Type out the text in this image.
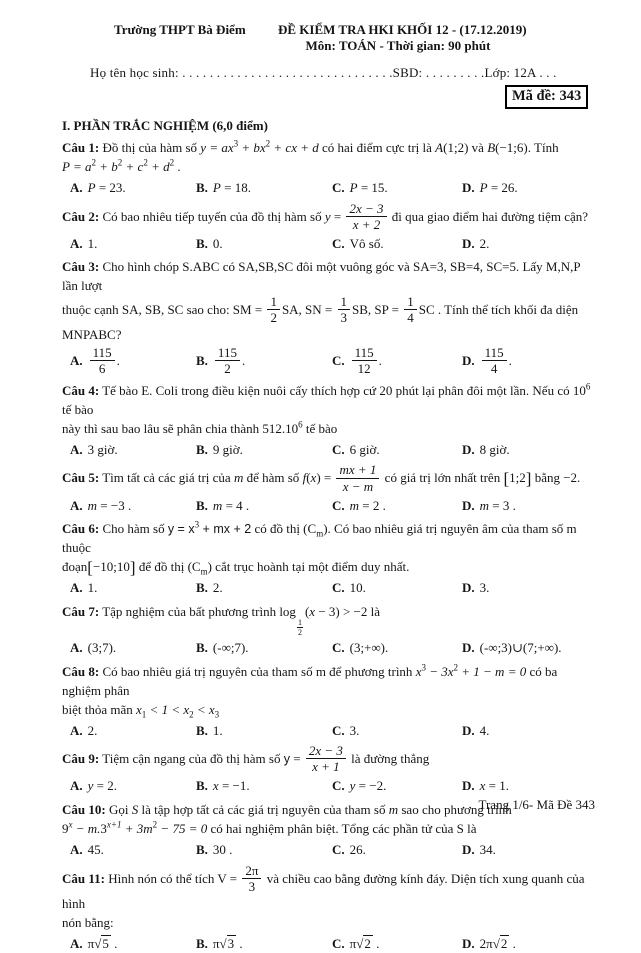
Trường THPT Bà Điểm ĐỀ KIỂM TRA HKI KHỐI 12 - (17.12.2019)
Môn: TOÁN - Thời gian: 90 phút
Họ tên học sinh: . . . . . . . . . . . . . . . . . . . . . . . . . . . . . . .SBD: . . . . . . . . .Lớp: 12A . . .
Mã đề: 343
I. PHẦN TRẮC NGHIỆM (6,0 điểm)
Câu 1: Đồ thị của hàm số $y = ax^3 + bx^2$ + cx + d có hai điểm cực trị là A(1;2) và B(−1;6). Tính
$P = a^2 + b^2 + c^2 + d^2$ .
A. P = 23.	B. P = 18.	C. P = 15.	D. P = 26.
Câu 2: Có bao nhiêu tiếp tuyến của đồ thị hàm số $y = \frac{2x - 3}{x + 2}$ đi qua giao điểm hai đường tiệm cận?
A. 1.	B. 0.	C. Vô số.	D. 2.
Câu 3: Cho hình chóp S.ABC có SA,SB,SC đôi một vuông góc và SA=3, SB=4, SC=5. Lấy M,N,P lần lượt
thuộc cạnh SA, SB, SC sao cho: SM = $\frac{1}{2}$ SA, SN = $\frac{1}{3}$ SB, SP = $\frac{1}{4}$ SC . Tính thể tích khối đa diện MNPABC?
A. $\frac{115}{6}$ .	B. $\frac{115}{2}$ .	C. $\frac{115}{12}$ .	D. $\frac{115}{4}$ .
Câu 4: Tế bào E. Coli trong điều kiện nuôi cấy thích hợp cứ 20 phút lại phân đôi một lần. Nếu có $10^6$ tế bào
này thì sau bao lâu sẽ phân chia thành 512.10$^6$ tế bào
A. 3 giờ.	B. 9 giờ.	C. 6 giờ.	D. 8 giờ.
Câu 5: Tìm tất cả các giá trị của m để hàm số $f(x) = \frac{mx + 1}{x - m}$ có giá trị lớn nhất trên [1;2] bằng −2.
A. m = −3 .	B. m = 4 .	C. m = 2 .	D. m = 3 .
Câu 6: Cho hàm số $y = x^3$ + mx + 2 có đồ thị $(C_m)$. Có bao nhiêu giá trị nguyên âm của tham số m thuộc
đoạn[−10;10] để đồ thị $(C_m)$ cắt trục hoành tại một điểm duy nhất.
A. 1.	B. 2.	C. 10.	D. 3.
Câu 7: Tập nghiệm của bất phương trình log
$\frac{1}{2}$
(x − 3) > −2 là
A. (3;7).	B. (-∞;7).	C. (3;+∞).	D. (-∞;3)∪(7;+∞).
Câu 8: Có bao nhiêu giá trị nguyên của tham số m để phương trình $x^3 - 3x^2 + 1 - m = 0$ có ba nghiệm phân
biệt thỏa mãn $x_1 < 1 < x_2 < x_3$
A. 2.	B. 1.	C. 3.	D. 4.
Câu 9: Tiệm cận ngang của đồ thị hàm số $y = \frac{2x - 3}{x + 1}$ là đường thẳng
A. y = 2.	B. x = −1.	C. y = −2.	D. x = 1.
Câu 10: Gọi S là tập hợp tất cả các giá trị nguyên của tham số m sao cho phương trình
$9^x - m.3^{x+1} + 3m^2 - 75 = 0$ có hai nghiệm phân biệt. Tổng các phần tử của S là
A. 45.	B. 30 .	C. 26.	D. 34.
Câu 11: Hình nón có thể tích $V = \frac{2\pi}{3}$ và chiều cao bằng đường kính đáy. Diện tích xung quanh của hình
nón bằng:
A. π√5 .	B. π√3 .	C. π√2 .	D. 2π√2 .
Trang 1/6- Mã Đề 343
